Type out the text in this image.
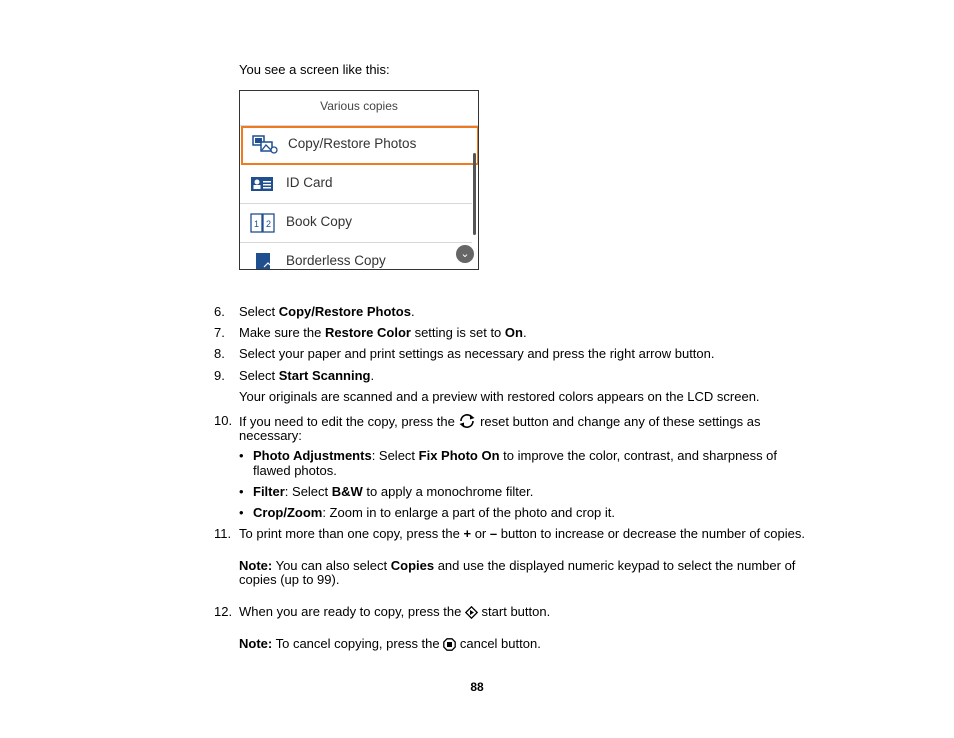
You see a screen like this:
Various copies
Copy/Restore Photos
ID Card
1 2 Book Copy
Borderless Copy	⌄
6. Select Copy/Restore Photos.
7. Make sure the Restore Color setting is set to On.
8. Select your paper and print settings as necessary and press the right arrow button.
9. Select Start Scanning.
Your originals are scanned and a preview with restored colors appears on the LCD screen.
10. If you need to edit the copy, press the  reset button and change any of these settings as
necessary:
• Photo Adjustments: Select Fix Photo On to improve the color, contrast, and sharpness of
flawed photos.
• Filter: Select B&W to apply a monochrome filter.
• Crop/Zoom: Zoom in to enlarge a part of the photo and crop it.
11. To print more than one copy, press the + or – button to increase or decrease the number of copies.
Note: You can also select Copies and use the displayed numeric keypad to select the number of
copies (up to 99).
12. When you are ready to copy, press the  start button.
Note: To cancel copying, press the  cancel button.
88
